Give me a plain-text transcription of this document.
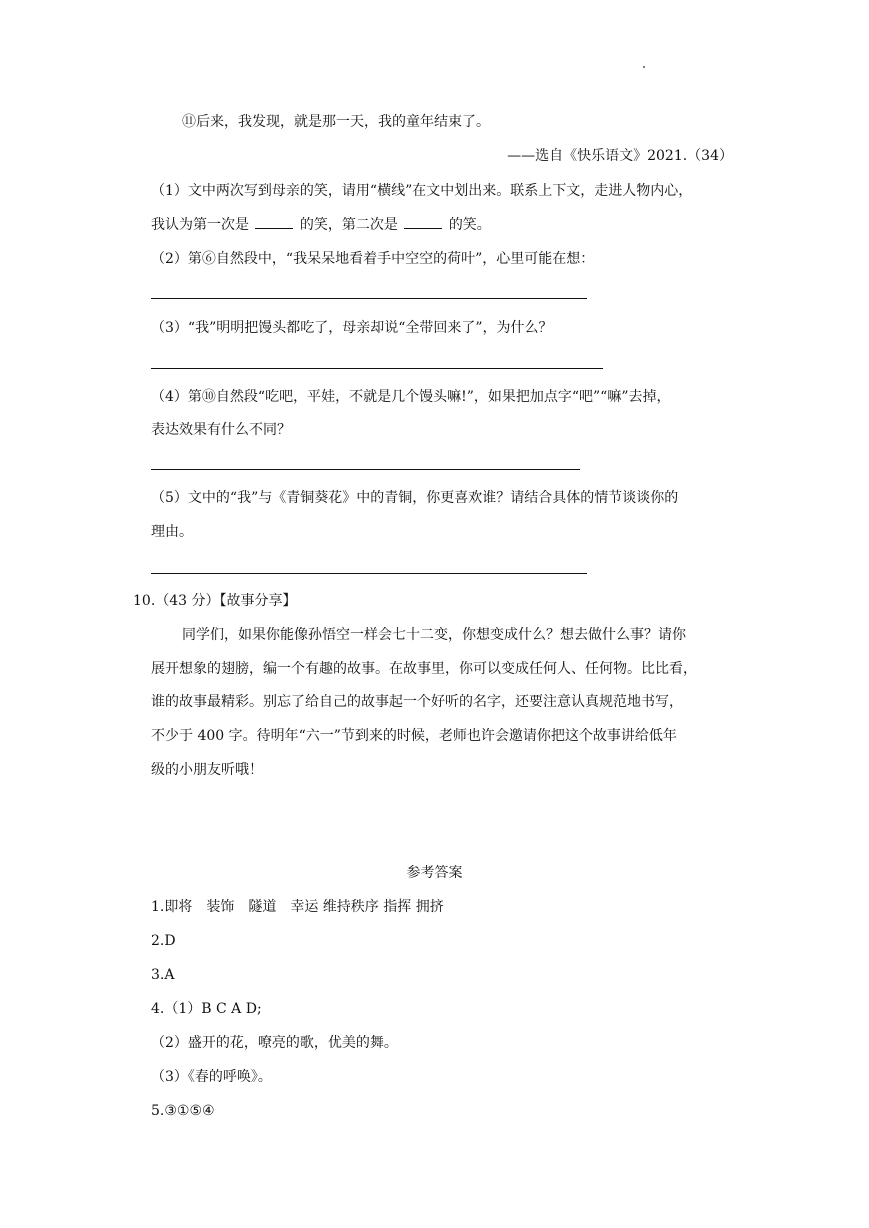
⑪后来，我发现，就是那一天，我的童年结束了。
——选自《快乐语文》2021.（34）
（1）文中两次写到母亲的笑，请用“横线”在文中划出来。联系上下文，走进人物内心，
我认为第一次是	的笑，第二次是	的笑。
（2）第⑥自然段中，“我呆呆地看着手中空空的荷叶”，心里可能在想：
（3）“我”明明把馒头都吃了，母亲却说“全带回来了”，为什么？
（4）第⑩自然段“吃吧，平娃，不就是几个馒头嘛!”，如果把加点字“吧”“嘛”去掉，
表达效果有什么不同？
（5）文中的“我”与《青铜葵花》中的青铜，你更喜欢谁？请结合具体的情节谈谈你的
理由。
10.（43 分）【故事分享】
同学们，如果你能像孙悟空一样会七十二变，你想变成什么？想去做什么事？请你
展开想象的翅膀，编一个有趣的故事。在故事里，你可以变成任何人、任何物。比比看，
谁的故事最精彩。别忘了给自己的故事起一个好听的名字，还要注意认真规范地书写，
不少于 400 字。待明年“六一”节到来的时候，老师也许会邀请你把这个故事讲给低年
级的小朋友听哦！
参考答案
1.即将　装饰　隧道　幸运 维持秩序 指挥 拥挤
2.D
3.A
4.（1）B C A D;
（2）盛开的花，嘹亮的歌，优美的舞。
（3）《春的呼唤》。
5.③①⑤④
